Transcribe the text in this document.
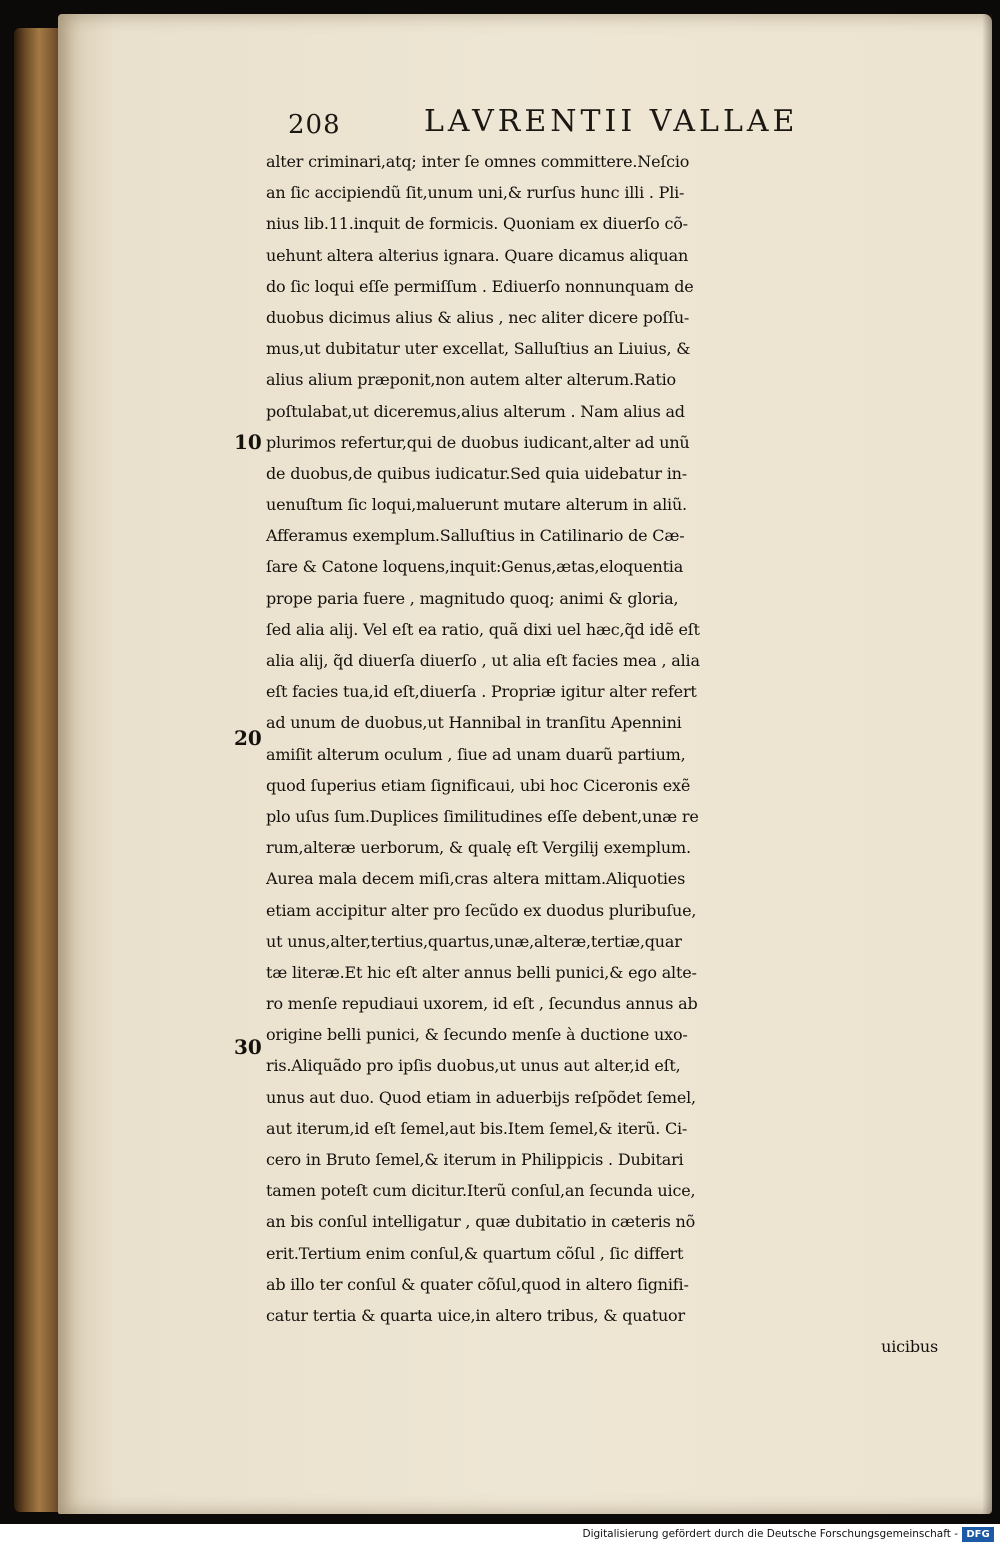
208	LAVRENTII VALLAE
10
20
30
alter criminari,atq; inter ſe omnes committere.Neſcio
an ſic accipiendũ ſit,unum uni,& rurſus hunc illi . Pli-
nius lib.11.inquit de formicis. Quoniam ex diuerſo cõ-
uehunt altera alterius ignara. Quare dicamus aliquan
do ſic loqui eſſe permiſſum . Ediuerſo nonnunquam de
duobus dicimus alius & alius , nec aliter dicere poſſu-
mus,ut dubitatur uter excellat, Salluſtius an Liuius, &
alius alium præponit,non autem alter alterum.Ratio
poſtulabat,ut diceremus,alius alterum . Nam alius ad
plurimos refertur,qui de duobus iudicant,alter ad unũ
de duobus,de quibus iudicatur.Sed quia uidebatur in-
uenuſtum ſic loqui,maluerunt mutare alterum in aliũ.
Afferamus exemplum.Salluſtius in Catilinario de Cæ-
ſare & Catone loquens,inquit:Genus,ætas,eloquentia
prope paria fuere , magnitudo quoq; animi & gloria,
ſed alia alij. Vel eſt ea ratio, quã dixi uel hæc,q̃d idẽ eſt
alia alij, q̃d diuerſa diuerſo , ut alia eſt facies mea , alia
eſt facies tua,id eſt,diuerſa . Propriæ igitur alter refert
ad unum de duobus,ut Hannibal in tranſitu Apennini
amiſit alterum oculum , ſiue ad unam duarũ partium,
quod ſuperius etiam ſignificaui, ubi hoc Ciceronis exẽ
plo uſus ſum.Duplices ſimilitudines eſſe debent,unæ re
rum,alteræ uerborum, & qualę eſt Vergilij exemplum.
Aurea mala decem miſi,cras altera mittam.Aliquoties
etiam accipitur alter pro ſecũdo ex duodus pluribuſue,
ut unus,alter,tertius,quartus,unæ,alteræ,tertiæ,quar
tæ literæ.Et hic eſt alter annus belli punici,& ego alte-
ro menſe repudiaui uxorem, id eſt , ſecundus annus ab
origine belli punici, & ſecundo menſe à ductione uxo-
ris.Aliquãdo pro ipſis duobus,ut unus aut alter,id eſt,
unus aut duo. Quod etiam in aduerbijs reſpõdet ſemel,
aut iterum,id eſt ſemel,aut bis.Item ſemel,& iterũ. Ci-
cero in Bruto ſemel,& iterum in Philippicis . Dubitari
tamen poteſt cum dicitur.Iterũ conſul,an ſecunda uice,
an bis conſul intelligatur , quæ dubitatio in cæteris nõ
erit.Tertium enim conſul,& quartum cõſul , ſic differt
ab illo ter conſul & quater cõſul,quod in altero ſignifi-
catur tertia & quarta uice,in altero tribus, & quatuor
uicibus
Digitalisierung gefördert durch die Deutsche Forschungsgemeinschaft - DFG
